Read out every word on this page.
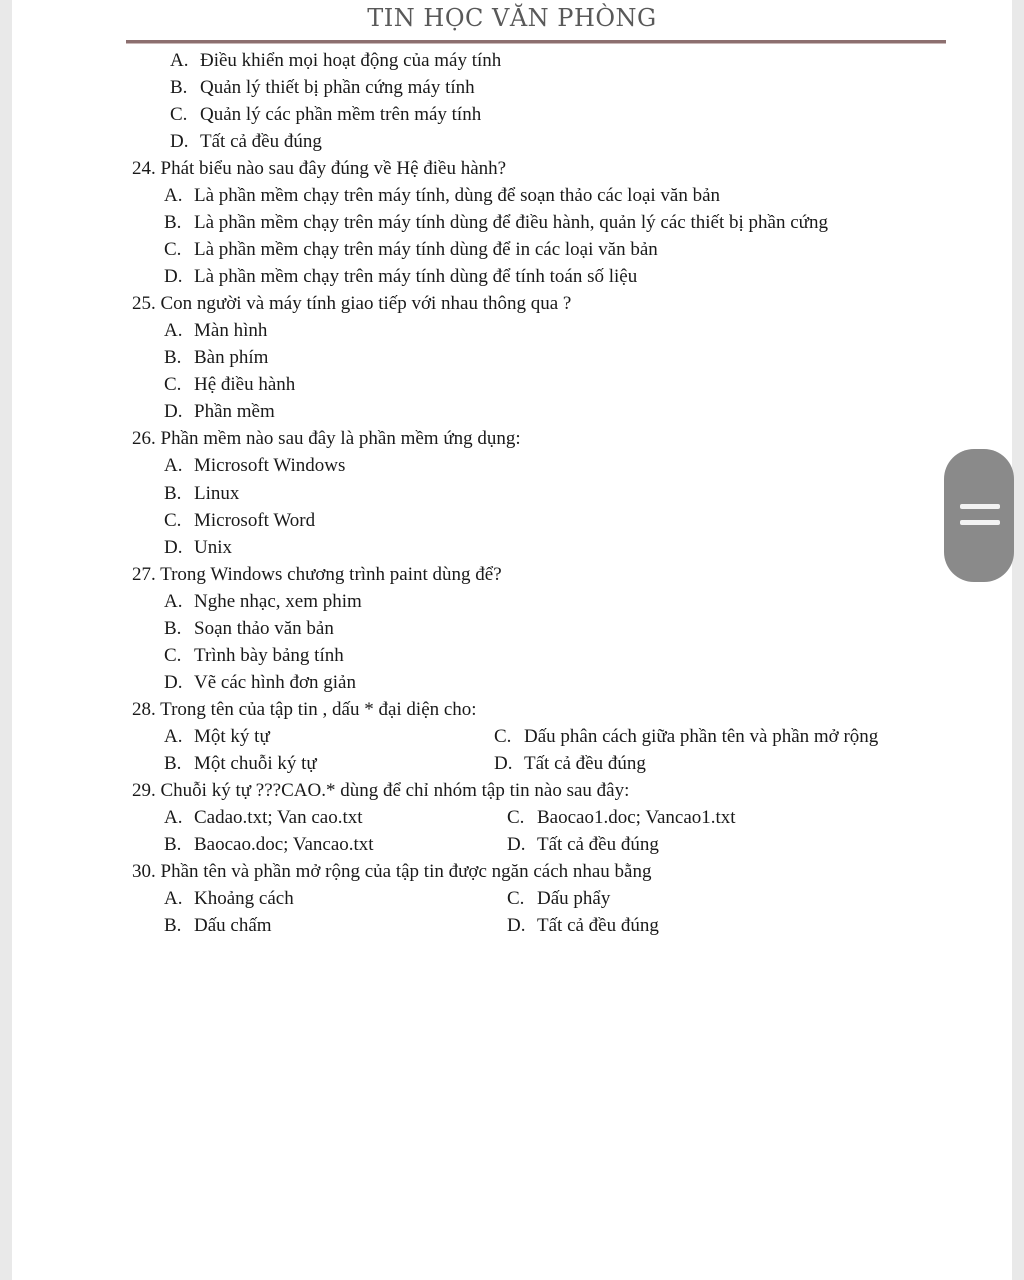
TIN HỌC VĂN PHÒNG
A. Điều khiển mọi hoạt động của máy tính
B. Quản lý thiết bị phần cứng máy tính
C. Quản lý các phần mềm trên máy tính
D. Tất cả đều đúng
24. Phát biểu nào sau đây đúng về Hệ điều hành?
A. Là phần mềm chạy trên máy tính, dùng để soạn thảo các loại văn bản
B. Là phần mềm chạy trên máy tính dùng để điều hành, quản lý các thiết bị phần cứng
C. Là phần mềm chạy trên máy tính dùng để in các loại văn bản
D. Là phần mềm chạy trên máy tính dùng để tính toán số liệu
25. Con người và máy tính giao tiếp với nhau thông qua ?
A. Màn hình
B. Bàn phím
C. Hệ điều hành
D. Phần mềm
26. Phần mềm nào sau đây là phần mềm ứng dụng:
A. Microsoft Windows
B. Linux
C. Microsoft Word
D. Unix
27. Trong Windows chương trình paint dùng để?
A. Nghe nhạc, xem phim
B. Soạn thảo văn bản
C. Trình bày bảng tính
D. Vẽ các hình đơn giản
28. Trong tên của tập tin , dấu * đại diện cho:
A. Một ký tự	C. Dấu phân cách giữa phần tên và phần mở rộng
B. Một chuỗi ký tự	D. Tất cả đều đúng
29. Chuỗi ký tự ???CAO.* dùng để chỉ nhóm tập tin nào sau đây:
A. Cadao.txt; Van cao.txt	C. Baocao1.doc; Vancao1.txt
B. Baocao.doc; Vancao.txt	D. Tất cả đều đúng
30. Phần tên và phần mở rộng của tập tin được ngăn cách nhau bằng
A. Khoảng cách	C. Dấu phẩy
B. Dấu chấm	D. Tất cả đều đúng
